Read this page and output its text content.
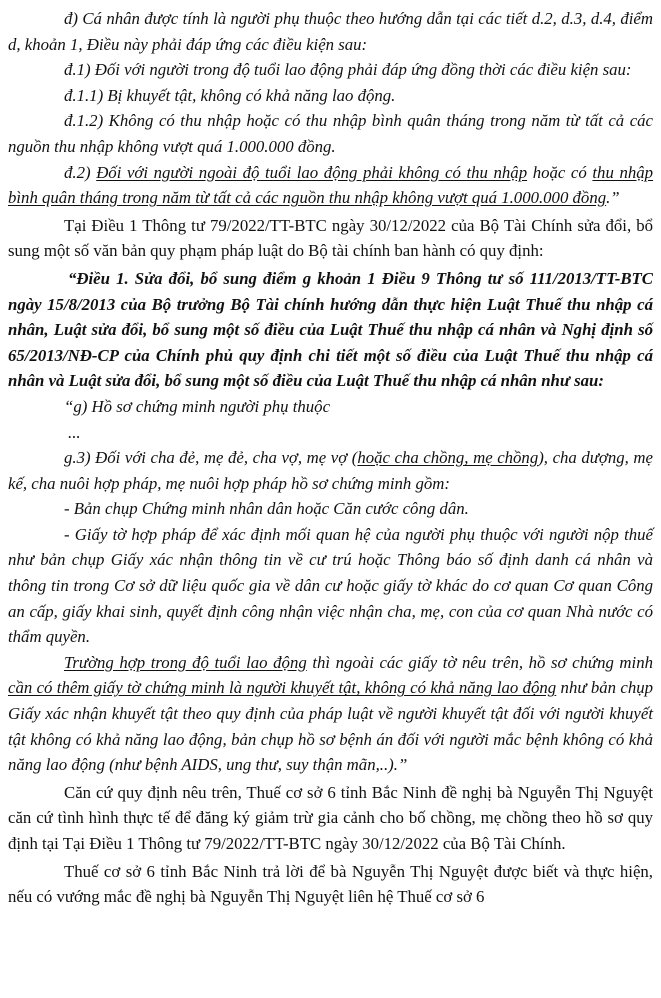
đ) Cá nhân được tính là người phụ thuộc theo hướng dẫn tại các tiết d.2, d.3, d.4, điểm d, khoản 1, Điều này phải đáp ứng các điều kiện sau:

đ.1) Đối với người trong độ tuổi lao động phải đáp ứng đồng thời các điều kiện sau:

đ.1.1) Bị khuyết tật, không có khả năng lao động.

đ.1.2) Không có thu nhập hoặc có thu nhập bình quân tháng trong năm từ tất cả các nguồn thu nhập không vượt quá 1.000.000 đồng.

đ.2) Đối với người ngoài độ tuổi lao động phải không có thu nhập hoặc có thu nhập bình quân tháng trong năm từ tất cả các nguồn thu nhập không vượt quá 1.000.000 đồng.”

Tại Điều 1 Thông tư 79/2022/TT-BTC ngày 30/12/2022 của Bộ Tài Chính sửa đổi, bổ sung một số văn bản quy phạm pháp luật do Bộ tài chính ban hành có quy định:

“Điều 1. Sửa đổi, bổ sung điểm g khoản 1 Điều 9 Thông tư số 111/2013/TT-BTC ngày 15/8/2013 của Bộ trưởng Bộ Tài chính hướng dẫn thực hiện Luật Thuế thu nhập cá nhân, Luật sửa đổi, bổ sung một số điều của Luật Thuế thu nhập cá nhân và Nghị định số 65/2013/NĐ-CP của Chính phủ quy định chi tiết một số điều của Luật Thuế thu nhập cá nhân và Luật sửa đổi, bổ sung một số điều của Luật Thuế thu nhập cá nhân như sau:

“g) Hồ sơ chứng minh người phụ thuộc

...

g.3) Đối với cha đẻ, mẹ đẻ, cha vợ, mẹ vợ (hoặc cha chồng, mẹ chồng), cha dượng, mẹ kế, cha nuôi hợp pháp, mẹ nuôi hợp pháp hồ sơ chứng minh gồm:

- Bản chụp Chứng minh nhân dân hoặc Căn cước công dân.

- Giấy tờ hợp pháp để xác định mối quan hệ của người phụ thuộc với người nộp thuế như bản chụp Giấy xác nhận thông tin về cư trú hoặc Thông báo số định danh cá nhân và thông tin trong Cơ sở dữ liệu quốc gia về dân cư hoặc giấy tờ khác do cơ quan Cơ quan Công an cấp, giấy khai sinh, quyết định công nhận việc nhận cha, mẹ, con của cơ quan Nhà nước có thẩm quyền.

Trường hợp trong độ tuổi lao động thì ngoài các giấy tờ nêu trên, hồ sơ chứng minh cần có thêm giấy tờ chứng minh là người khuyết tật, không có khả năng lao động như bản chụp Giấy xác nhận khuyết tật theo quy định của pháp luật về người khuyết tật đối với người khuyết tật không có khả năng lao động, bản chụp hồ sơ bệnh án đối với người mắc bệnh không có khả năng lao động (như bệnh AIDS, ung thư, suy thận mãn,..).”

Căn cứ quy định nêu trên, Thuế cơ sở 6 tỉnh Bắc Ninh đề nghị bà Nguyễn Thị Nguyệt căn cứ tình hình thực tế để đăng ký giảm trừ gia cảnh cho bố chồng, mẹ chồng theo hồ sơ quy định tại Tại Điều 1 Thông tư 79/2022/TT-BTC ngày 30/12/2022 của Bộ Tài Chính.

Thuế cơ sở 6 tỉnh Bắc Ninh trả lời để bà Nguyễn Thị Nguyệt được biết và thực hiện, nếu có vướng mắc đề nghị bà Nguyễn Thị Nguyệt liên hệ Thuế cơ sở 6
